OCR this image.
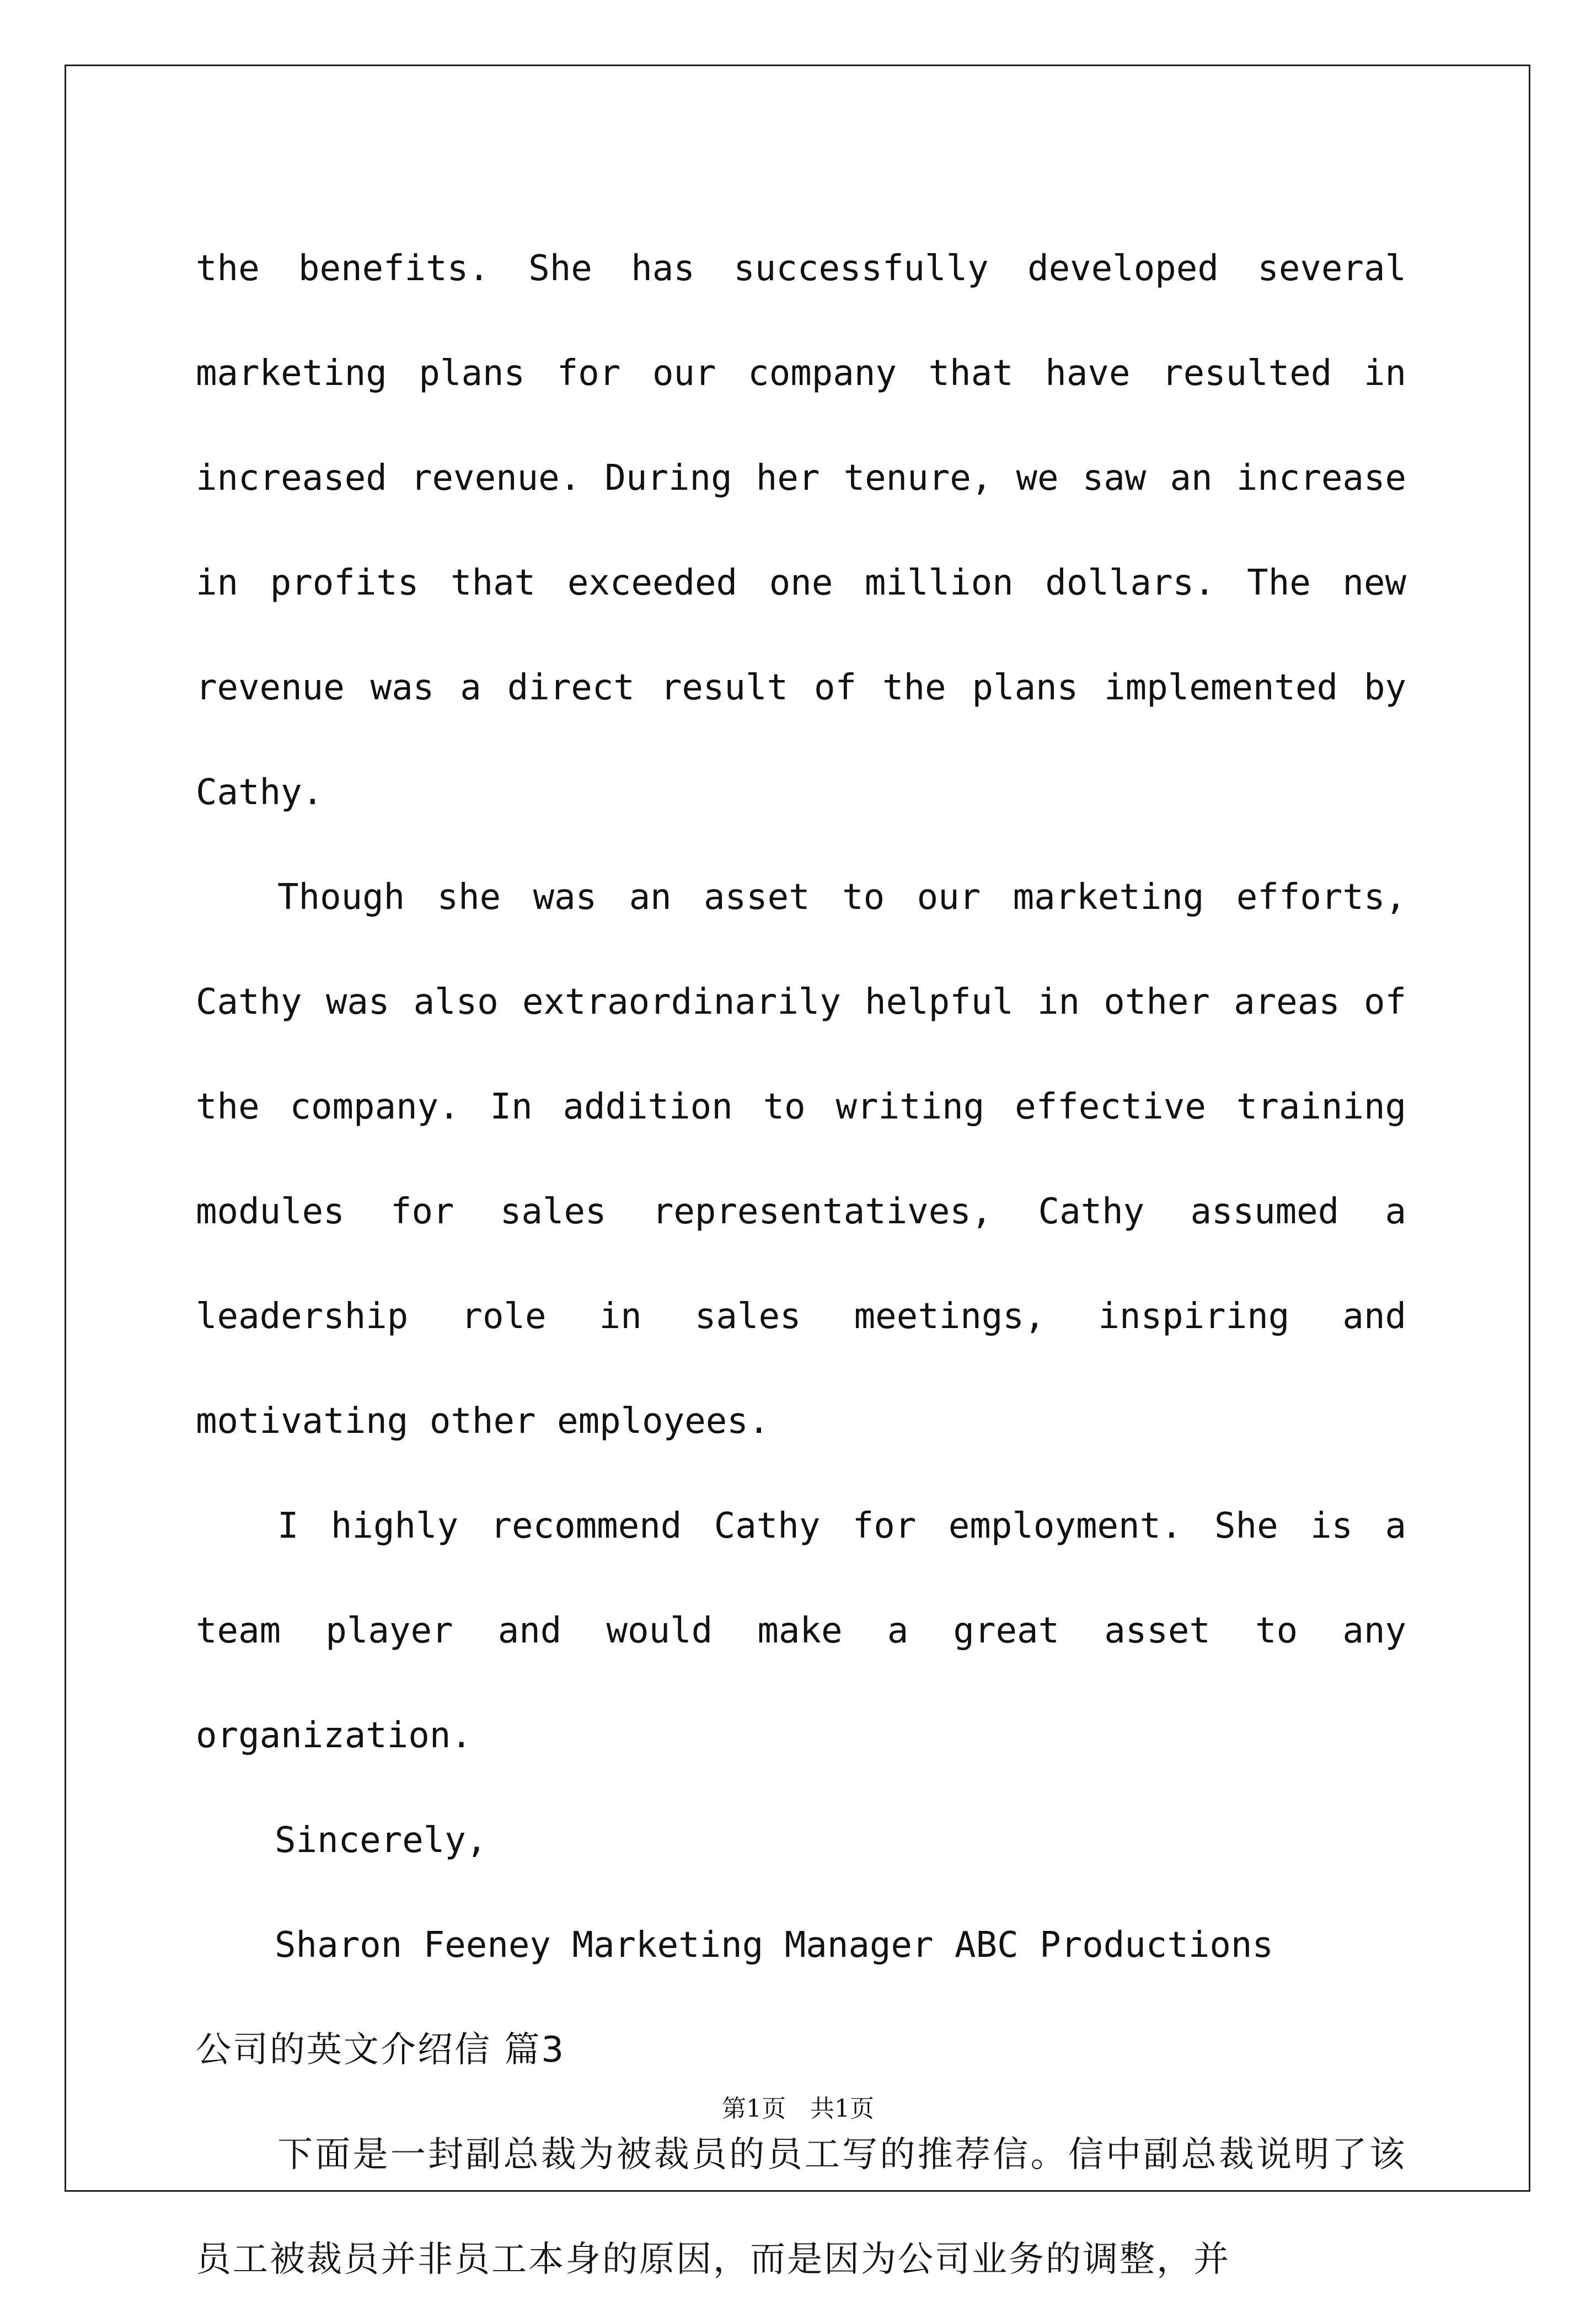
the benefits. She has successfully developed several marketing plans for our company that have resulted in increased revenue. During her tenure, we saw an increase in profits that exceeded one million dollars. The new revenue was a direct result of the plans implemented by Cathy.

Though she was an asset to our marketing efforts, Cathy was also extraordinarily helpful in other areas of the company. In addition to writing effective training modules for sales representatives, Cathy assumed a leadership role in sales meetings, inspiring and motivating other employees.

I highly recommend Cathy for employment. She is a team player and would make a great asset to any organization.

Sincerely,

Sharon Feeney Marketing Manager ABC Productions

公司的英文介绍信 篇3

下面是一封副总裁为被裁员的员工写的推荐信。信中副总裁说明了该员工被裁员并非员工本身的原因，而是因为公司业务的调整，并

第1页　共1页
